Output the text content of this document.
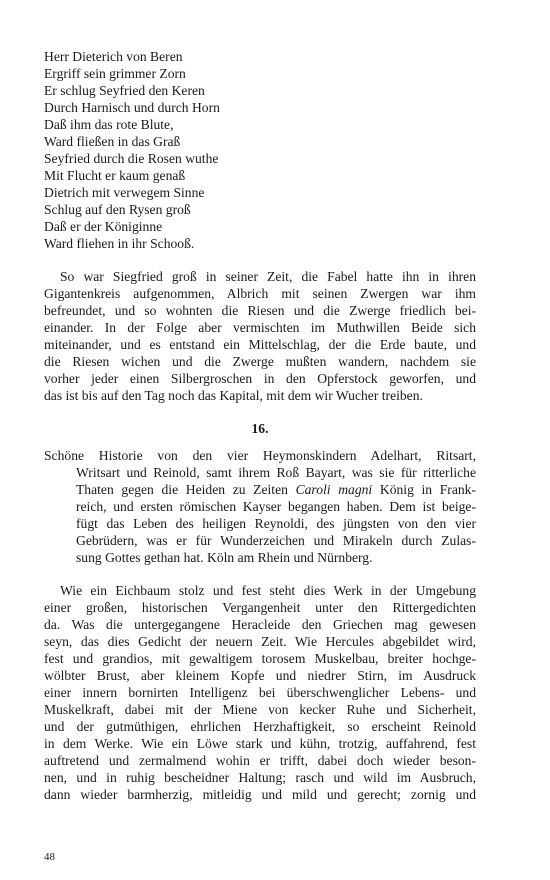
Herr Dieterich von Beren
Ergriff sein grimmer Zorn
Er schlug Seyfried den Keren
Durch Harnisch und durch Horn
Daß ihm das rote Blute,
Ward fließen in das Graß
Seyfried durch die Rosen wuthe
Mit Flucht er kaum genaß
Dietrich mit verwegem Sinne
Schlug auf den Rysen groß
Daß er der Königinne
Ward fliehen in ihr Schooß.
So war Siegfried groß in seiner Zeit, die Fabel hatte ihn in ihren
Gigantenkreis aufgenommen, Albrich mit seinen Zwergen war ihm
befreundet, und so wohnten die Riesen und die Zwerge friedlich bei-
einander. In der Folge aber vermischten im Muthwillen Beide sich
miteinander, und es entstand ein Mittelschlag, der die Erde baute, und
die Riesen wichen und die Zwerge mußten wandern, nachdem sie
vorher jeder einen Silbergroschen in den Opferstock geworfen, und
das ist bis auf den Tag noch das Kapital, mit dem wir Wucher treiben.
16.
Schöne Historie von den vier Heymonskindern Adelhart, Ritsart,
Writsart und Reinold, samt ihrem Roß Bayart, was sie für ritterliche
Thaten gegen die Heiden zu Zeiten Caroli magni König in Frank-
reich, und ersten römischen Kayser begangen haben. Dem ist beige-
fügt das Leben des heiligen Reynoldi, des jüngsten von den vier
Gebrüdern, was er für Wunderzeichen und Mirakeln durch Zulas-
sung Gottes gethan hat. Köln am Rhein und Nürnberg.
Wie ein Eichbaum stolz und fest steht dies Werk in der Umgebung
einer großen, historischen Vergangenheit unter den Rittergedichten
da. Was die untergegangene Heracleide den Griechen mag gewesen
seyn, das dies Gedicht der neuern Zeit. Wie Hercules abgebildet wird,
fest und grandios, mit gewaltigem torosem Muskelbau, breiter hochge-
wölbter Brust, aber kleinem Kopfe und niedrer Stirn, im Ausdruck
einer innern bornirten Intelligenz bei überschwenglicher Lebens- und
Muskelkraft, dabei mit der Miene von kecker Ruhe und Sicherheit,
und der gutmüthigen, ehrlichen Herzhaftigkeit, so erscheint Reinold
in dem Werke. Wie ein Löwe stark und kühn, trotzig, auffahrend, fest
auftretend und zermalmend wohin er trifft, dabei doch wieder beson-
nen, und in ruhig bescheidner Haltung; rasch und wild im Ausbruch,
dann wieder barmherzig, mitleidig und mild und gerecht; zornig und
48
